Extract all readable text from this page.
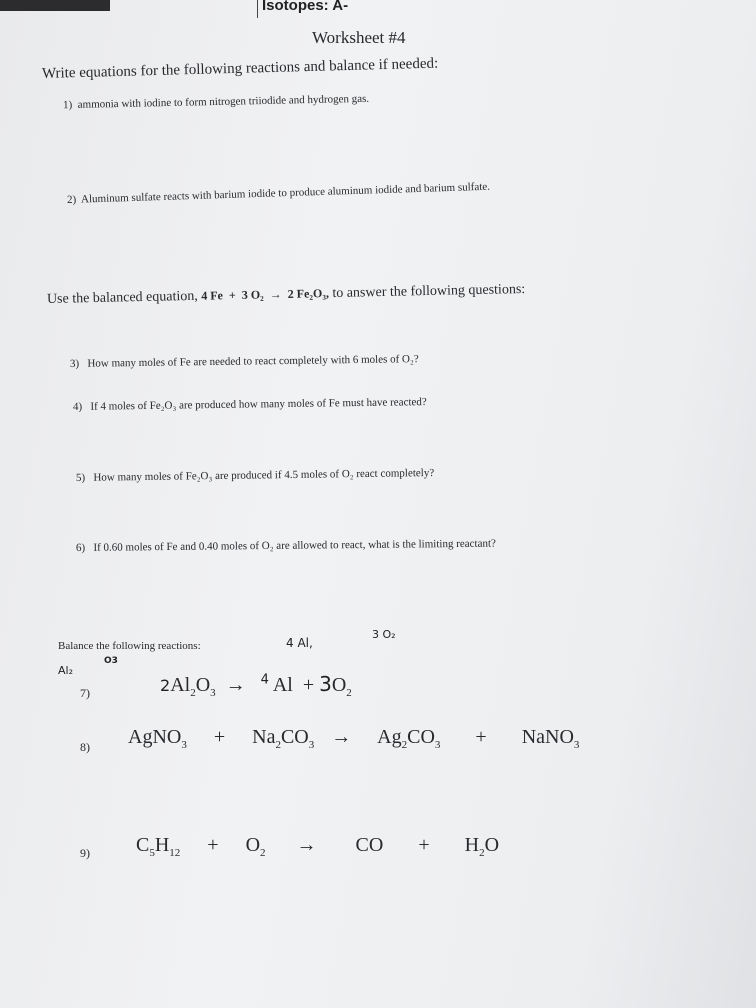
Isotopes: A-
Worksheet #4
Write equations for the following reactions and balance if needed:
1) ammonia with iodine to form nitrogen triiodide and hydrogen gas.
2) Aluminum sulfate reacts with barium iodide to produce aluminum iodide and barium sulfate.
Use the balanced equation, 4 Fe  +  3 O₂  →  2 Fe₂O₃, to answer the following questions:
3) How many moles of Fe are needed to react completely with 6 moles of O₂?
4) If 4 moles of Fe₂O₃ are produced how many moles of Fe must have reacted?
5) How many moles of Fe₂O₃ are produced if 4.5 moles of O₂ react completely?
6) If 0.60 moles of Fe and 0.40 moles of O₂ are allowed to react, what is the limiting reactant?
Balance the following reactions:	4 Al,
3 O₂
Al₂
O3
7)	$2Al_2O_3 \to ^4$ $Al + 3O_2$
8) AgNO$_3$ + $Na_2CO_3 \to Ag_2CO_3$ + NaNO$_3$
9) $C_5H_{12} + O_2$ → CO + $H_2O$
